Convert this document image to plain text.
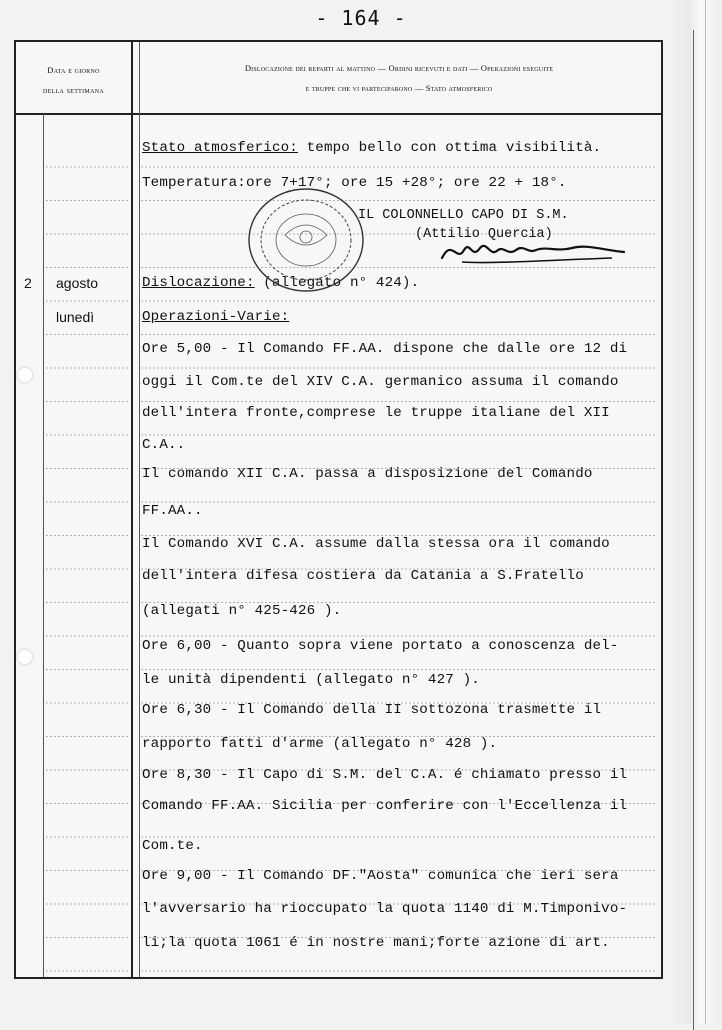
- 164 -
Data e giorno
della settimana
Dislocazione dei reparti al mattino — Ordini ricevuti e dati — Operazioni eseguite
e truppe che vi parteciparono — Stato atmosferico
2 agosto
lunedì
Stato atmosferico: tempo bello con ottima visibilità.
Temperatura:ore 7+17°; ore 15 +28°; ore 22 + 18°.
Dislocazione: (allegato n° 424).
Operazioni-Varie:
Ore 5,00 - Il Comando FF.AA. dispone che dalle ore 12 di
oggi il Com.te del XIV C.A. germanico assuma il comando
dell'intera fronte,comprese le truppe italiane del XII
C.A..
Il comando XII C.A. passa a disposizione del Comando
FF.AA..
Il Comando XVI C.A. assume dalla stessa ora il comando
dell'intera difesa costiera da Catania a S.Fratello
(allegati n° 425-426 ).
Ore 6,00 - Quanto sopra viene portato a conoscenza del-
le unità dipendenti (allegato n° 427 ).
Ore 6,30 - Il Comando della II sottozona trasmette il
rapporto fatti d'arme (allegato n° 428 ).
Ore 8,30 - Il Capo di S.M. del C.A. é chiamato presso il
Comando FF.AA. Sicilia per conferire con l'Eccellenza il
Com.te.
Ore 9,00 - Il Comando DF."Aosta" comunica che ieri sera
l'avversario ha rioccupato la quota 1140 di M.Timponivo-
li;la quota 1061 é in nostre mani;forte azione di art.
IL COLONNELLO CAPO DI S.M.
(Attilio Quercia)
